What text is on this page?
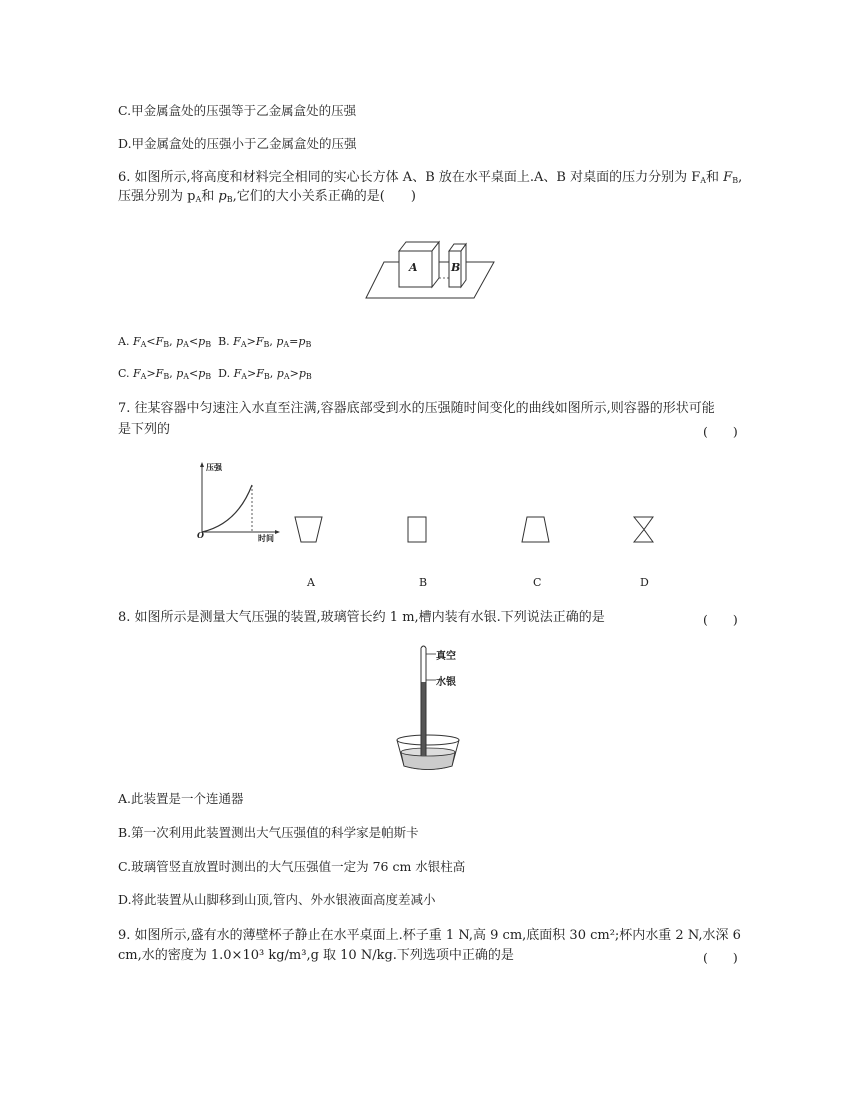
C.甲金属盒处的压强等于乙金属盒处的压强
D.甲金属盒处的压强小于乙金属盒处的压强
6. 如图所示,将高度和材料完全相同的实心长方体 A、B 放在水平桌面上.A、B 对桌面的压力分别为 $F_A$和 $F_B$,
压强分别为 $p_A$和 $p_B$,它们的大小关系正确的是(　　)
A	B
A. $F_A<F_B$, $p_A<p_B$  B. $F_A>F_B$, $p_A=p_B$
C. $F_A>F_B$, $p_A<p_B$  D. $F_A>F_B$, $p_A>p_B$
7. 往某容器中匀速注入水直至注满,容器底部受到水的压强随时间变化的曲线如图所示,则容器的形状可能
是下列的	(　　)
压强
时间
O
A	B	C	D
8. 如图所示是测量大气压强的装置,玻璃管长约 1 m,槽内装有水银.下列说法正确的是	(　　)
真空
水银
A.此装置是一个连通器
B.第一次利用此装置测出大气压强值的科学家是帕斯卡
C.玻璃管竖直放置时测出的大气压强值一定为 76 cm 水银柱高
D.将此装置从山脚移到山顶,管内、外水银液面高度差减小
9. 如图所示,盛有水的薄壁杯子静止在水平桌面上.杯子重 1 N,高 9 cm,底面积 30 cm²;杯内水重 2 N,水深 6
cm,水的密度为 1.0×10³ kg/m³,g 取 10 N/kg.下列选项中正确的是	(　　)
